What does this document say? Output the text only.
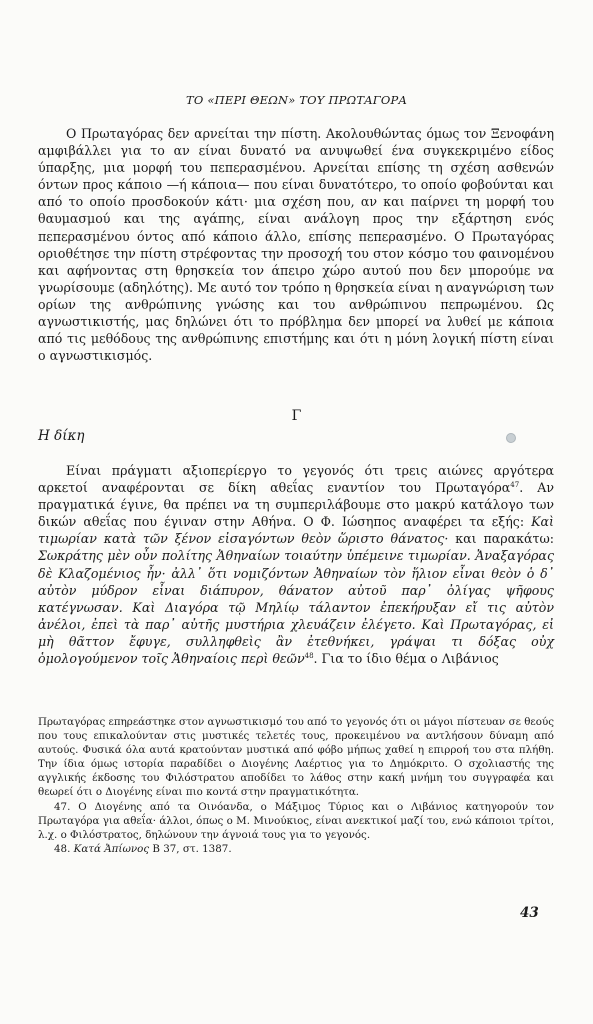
ΤΟ «ΠΕΡΙ ΘΕΩΝ» ΤΟΥ ΠΡΩΤΑΓΟΡΑ

Ο Πρωταγόρας δεν αρνείται την πίστη. Ακολουθώντας όμως τον Ξενοφάνη αμφιβάλλει για το αν είναι δυνατό να ανυψωθεί ένα συγκεκριμένο είδος ύπαρξης, μια μορφή του πεπερασμένου. Αρνείται επίσης τη σχέση ασθενών όντων προς κάποιο —ή κάποια— που είναι δυνατότερο, το οποίο φοβούνται και από το οποίο προσδοκούν κάτι· μια σχέση που, αν και παίρνει τη μορφή του θαυμασμού και της αγάπης, είναι ανάλογη προς την εξάρτηση ενός πεπερασμένου όντος από κάποιο άλλο, επίσης πεπερασμένο. Ο Πρωταγόρας οριοθέτησε την πίστη στρέφοντας την προσοχή του στον κόσμο του φαινομένου και αφήνοντας στη θρησκεία τον άπειρο χώρο αυτού που δεν μπορούμε να γνωρίσουμε (αδηλότης). Με αυτό τον τρόπο η θρησκεία είναι η αναγνώριση των ορίων της ανθρώπινης γνώσης και του ανθρώπινου πεπρωμένου. Ως αγνωστικιστής, μας δηλώνει ότι το πρόβλημα δεν μπορεί να λυθεί με κάποια από τις μεθόδους της ανθρώπινης επιστήμης και ότι η μόνη λογική πίστη είναι ο αγνωστικισμός.

Γ
Η δίκη

Είναι πράγματι αξιοπερίεργο το γεγονός ότι τρεις αιώνες αργότερα αρκετοί αναφέρονται σε δίκη αθεΐας εναντίον του Πρωταγόρα$^{47}$. Αν πραγματικά έγινε, θα πρέπει να τη συμπεριλάβουμε στο μακρύ κατάλογο των δικών αθεΐας που έγιναν στην Αθήνα. Ο Φ. Ιώσηπος αναφέρει τα εξής: Καὶ τιμωρίαν κατὰ τῶν ξένον εἰσαγόντων θεὸν ὥριστο θάνατος· και παρακάτω: Σωκράτης μὲν οὖν πολίτης Ἀθηναίων τοιαύτην ὑπέμεινε τιμωρίαν. Ἀναξαγόρας δὲ Κλαζομένιος ἦν· ἀλλ᾽ ὅτι νομιζόντων Ἀθηναίων τὸν ἥλιον εἶναι θεὸν ὁ δ᾽ αὐτὸν μύδρον εἶναι διάπυρον, θάνατον αὐτοῦ παρ᾽ ὀλίγας ψῆφους κατέγνωσαν. Καὶ Διαγόρα τῷ Μηλίῳ τάλαντον ἐπεκήρυξαν εἴ τις αὐτὸν ἀνέλοι, ἐπεὶ τὰ παρ᾽ αὐτῆς μυστήρια χλευάζειν ἐλέγετο. Καὶ Πρωταγόρας, εἰ μὴ θᾶττον ἔφυγε, συλληφθεὶς ἂν ἐτεθνήκει, γράψαι τι δόξας οὐχ ὁμολογούμενον τοῖς Ἀθηναίοις περὶ θεῶν$^{48}$. Για το ίδιο θέμα ο Λιβάνιος

Πρωταγόρας επηρεάστηκε στον αγνωστικισμό του από το γεγονός ότι οι μάγοι πίστευαν σε θεούς που τους επικαλούνταν στις μυστικές τελετές τους, προκειμένου να αντλήσουν δύναμη από αυτούς. Φυσικά όλα αυτά κρατούνταν μυστικά από φόβο μήπως χαθεί η επιρροή του στα πλήθη. Την ίδια όμως ιστορία παραδίδει ο Διογένης Λαέρτιος για το Δημόκριτο. Ο σχολιαστής της αγγλικής έκδοσης του Φιλόστρατου αποδίδει το λάθος στην κακή μνήμη του συγγραφέα και θεωρεί ότι ο Διογένης είναι πιο κοντά στην πραγματικότητα.

47. Ο Διογένης από τα Οινόανδα, ο Μάξιμος Τύριος και ο Λιβάνιος κατηγορούν τον Πρωταγόρα για αθεΐα· άλλοι, όπως ο Μ. Μινούκιος, είναι ανεκτικοί μαζί του, ενώ κάποιοι τρίτοι, λ.χ. ο Φιλόστρατος, δηλώνουν την άγνοιά τους για το γεγονός.

48. Κατά Ἀπίωνος Β 37, στ. 1387.

43
